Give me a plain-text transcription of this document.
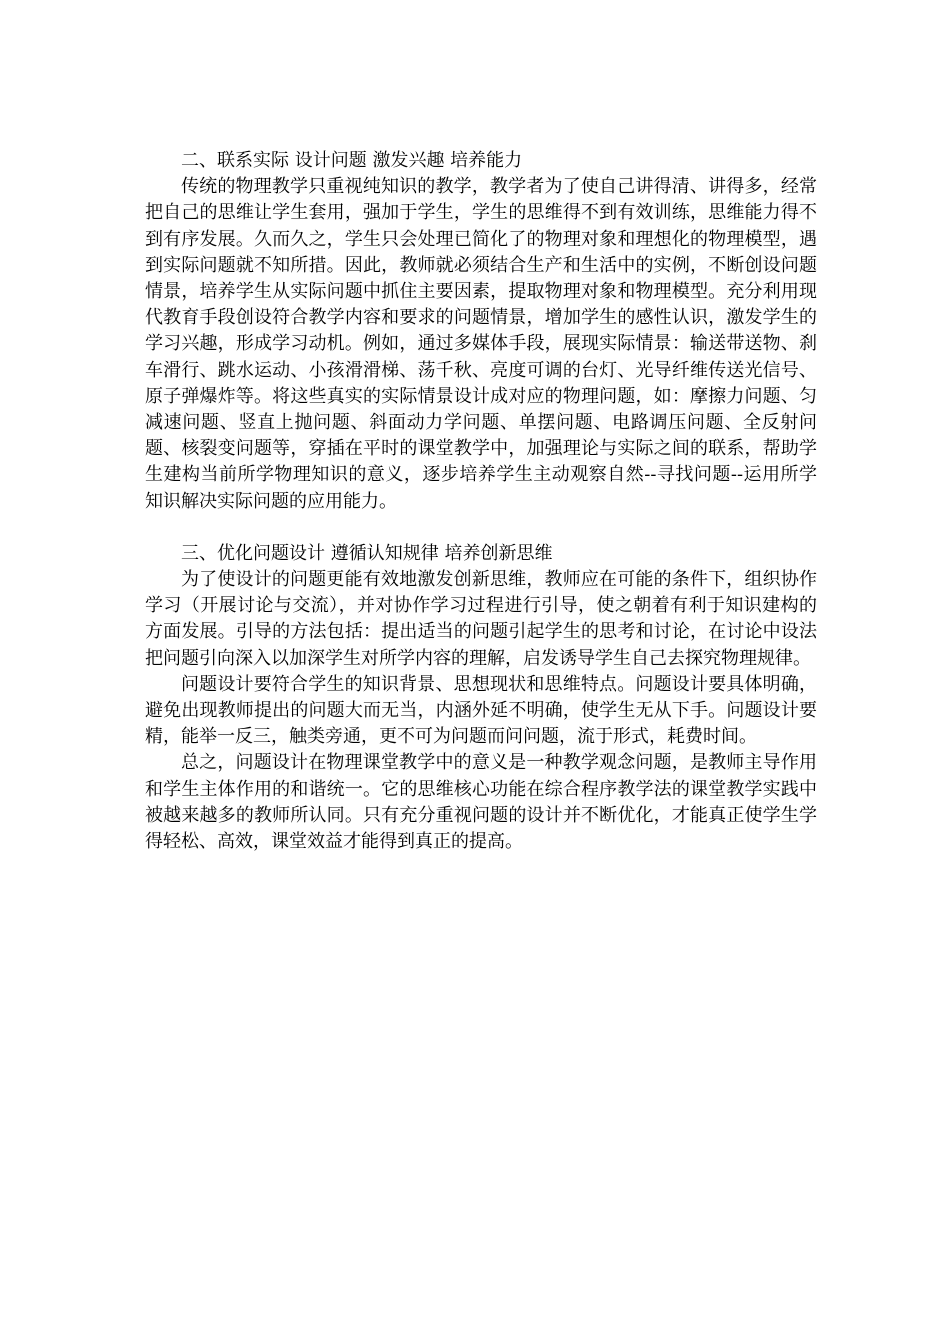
二、联系实际 设计问题 激发兴趣 培养能力

传统的物理教学只重视纯知识的教学，教学者为了使自己讲得清、讲得多，经常把自己的思维让学生套用，强加于学生，学生的思维得不到有效训练，思维能力得不到有序发展。久而久之，学生只会处理已简化了的物理对象和理想化的物理模型，遇到实际问题就不知所措。因此，教师就必须结合生产和生活中的实例，不断创设问题情景，培养学生从实际问题中抓住主要因素，提取物理对象和物理模型。充分利用现代教育手段创设符合教学内容和要求的问题情景，增加学生的感性认识，激发学生的学习兴趣，形成学习动机。例如，通过多媒体手段，展现实际情景：输送带送物、刹车滑行、跳水运动、小孩滑滑梯、荡千秋、亮度可调的台灯、光导纤维传送光信号、原子弹爆炸等。将这些真实的实际情景设计成对应的物理问题，如：摩擦力问题、匀减速问题、竖直上抛问题、斜面动力学问题、单摆问题、电路调压问题、全反射问题、核裂变问题等，穿插在平时的课堂教学中，加强理论与实际之间的联系，帮助学生建构当前所学物理知识的意义，逐步培养学生主动观察自然--寻找问题--运用所学知识解决实际问题的应用能力。

三、优化问题设计 遵循认知规律 培养创新思维

为了使设计的问题更能有效地激发创新思维，教师应在可能的条件下，组织协作学习（开展讨论与交流），并对协作学习过程进行引导，使之朝着有利于知识建构的方面发展。引导的方法包括：提出适当的问题引起学生的思考和讨论，在讨论中设法把问题引向深入以加深学生对所学内容的理解，启发诱导学生自己去探究物理规律。

问题设计要符合学生的知识背景、思想现状和思维特点。问题设计要具体明确，避免出现教师提出的问题大而无当，内涵外延不明确，使学生无从下手。问题设计要精，能举一反三，触类旁通，更不可为问题而问问题，流于形式，耗费时间。

总之，问题设计在物理课堂教学中的意义是一种教学观念问题，是教师主导作用和学生主体作用的和谐统一。它的思维核心功能在综合程序教学法的课堂教学实践中被越来越多的教师所认同。只有充分重视问题的设计并不断优化，才能真正使学生学得轻松、高效，课堂效益才能得到真正的提高。
